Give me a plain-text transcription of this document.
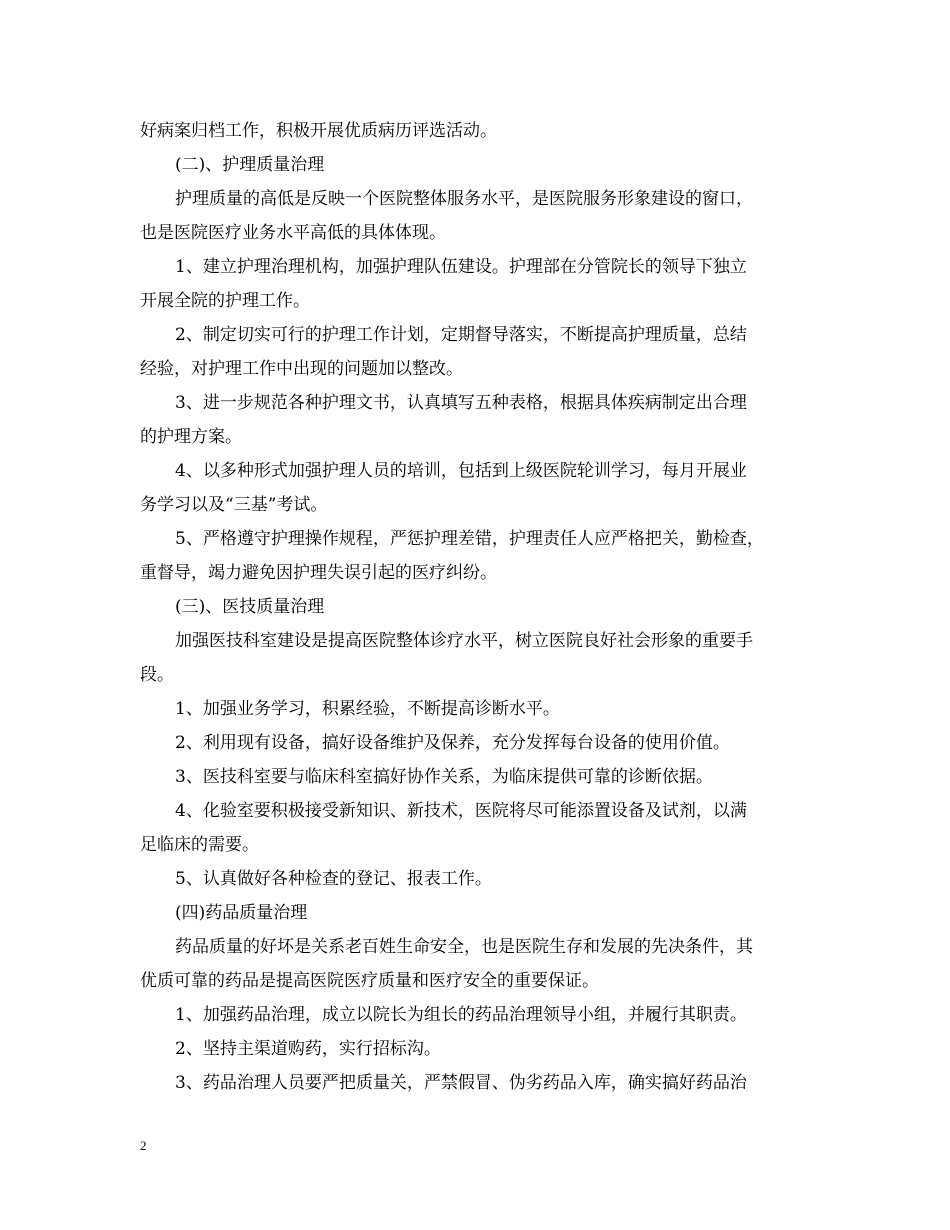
好病案归档工作，积极开展优质病历评选活动。
(二)、护理质量治理
护理质量的高低是反映一个医院整体服务水平，是医院服务形象建设的窗口，
也是医院医疗业务水平高低的具体体现。
1、建立护理治理机构，加强护理队伍建设。护理部在分管院长的领导下独立
开展全院的护理工作。
2、制定切实可行的护理工作计划，定期督导落实，不断提高护理质量，总结
经验，对护理工作中出现的问题加以整改。
3、进一步规范各种护理文书，认真填写五种表格，根据具体疾病制定出合理
的护理方案。
4、以多种形式加强护理人员的培训，包括到上级医院轮训学习，每月开展业
务学习以及“三基”考试。
5、严格遵守护理操作规程，严惩护理差错，护理责任人应严格把关，勤检查，
重督导，竭力避免因护理失误引起的医疗纠纷。
(三)、医技质量治理
加强医技科室建设是提高医院整体诊疗水平，树立医院良好社会形象的重要手
段。
1、加强业务学习，积累经验，不断提高诊断水平。
2、利用现有设备，搞好设备维护及保养，充分发挥每台设备的使用价值。
3、医技科室要与临床科室搞好协作关系，为临床提供可靠的诊断依据。
4、化验室要积极接受新知识、新技术，医院将尽可能添置设备及试剂，以满
足临床的需要。
5、认真做好各种检查的登记、报表工作。
(四)药品质量治理
药品质量的好坏是关系老百姓生命安全，也是医院生存和发展的先决条件，其
优质可靠的药品是提高医院医疗质量和医疗安全的重要保证。
1、加强药品治理，成立以院长为组长的药品治理领导小组，并履行其职责。
2、坚持主渠道购药，实行招标沟。
3、药品治理人员要严把质量关，严禁假冒、伪劣药品入库，确实搞好药品治
2
